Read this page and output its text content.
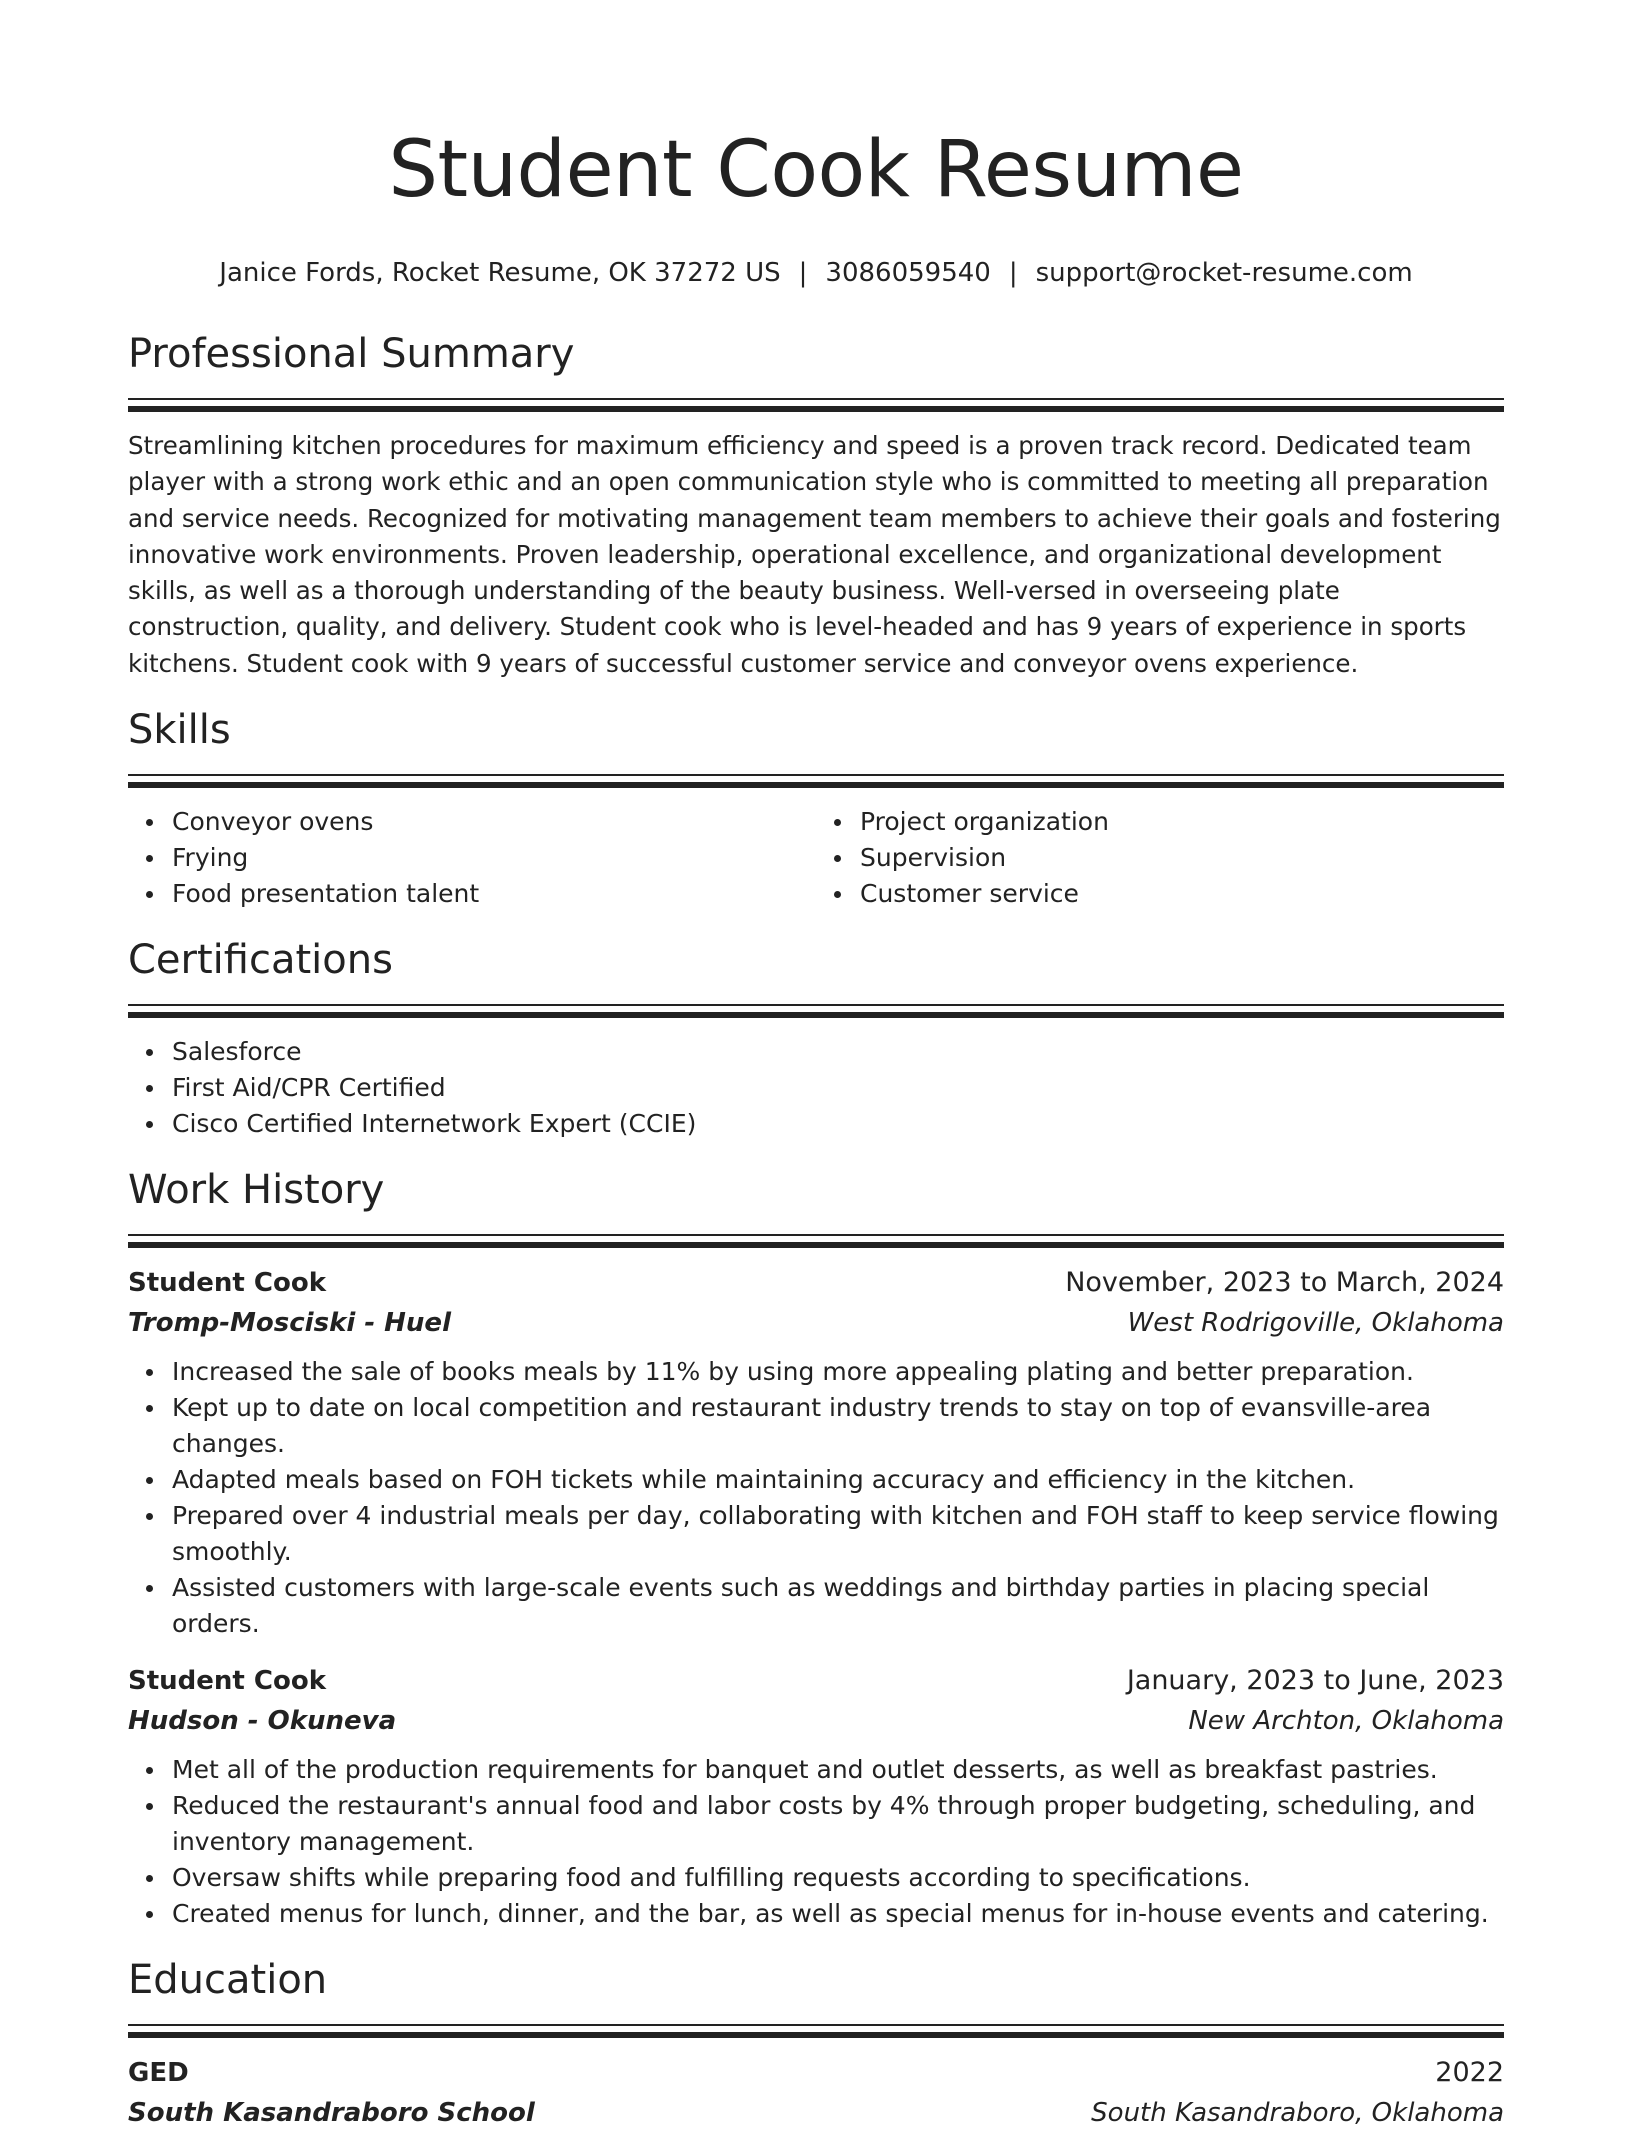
Student Cook Resume
Janice Fords, Rocket Resume, OK 37272 US | 3086059540 | support@rocket-resume.com
Professional Summary

Streamlining kitchen procedures for maximum efficiency and speed is a proven track record. Dedicated team player with a strong work ethic and an open communication style who is committed to meeting all preparation and service needs. Recognized for motivating management team members to achieve their goals and fostering innovative work environments. Proven leadership, operational excellence, and organizational development skills, as well as a thorough understanding of the beauty business. Well-versed in overseeing plate construction, quality, and delivery. Student cook who is level-headed and has 9 years of experience in sports kitchens. Student cook with 9 years of successful customer service and conveyor ovens experience.

Skills
Conveyor ovens
Frying
Food presentation talent
Project organization
Supervision
Customer service
Certifications
Salesforce
First Aid/CPR Certified
Cisco Certified Internetwork Expert (CCIE)
Work History
Student Cook	November, 2023 to March, 2024
Tromp-Mosciski - Huel	West Rodrigoville, Oklahoma
Increased the sale of books meals by 11% by using more appealing plating and better preparation.
Kept up to date on local competition and restaurant industry trends to stay on top of evansville-area changes.
Adapted meals based on FOH tickets while maintaining accuracy and efficiency in the kitchen.
Prepared over 4 industrial meals per day, collaborating with kitchen and FOH staff to keep service flowing smoothly.
Assisted customers with large-scale events such as weddings and birthday parties in placing special orders.
Student Cook	January, 2023 to June, 2023
Hudson - Okuneva	New Archton, Oklahoma
Met all of the production requirements for banquet and outlet desserts, as well as breakfast pastries.
Reduced the restaurant's annual food and labor costs by 4% through proper budgeting, scheduling, and inventory management.
Oversaw shifts while preparing food and fulfilling requests according to specifications.
Created menus for lunch, dinner, and the bar, as well as special menus for in-house events and catering.
Education
GED	2022
South Kasandraboro School	South Kasandraboro, Oklahoma
